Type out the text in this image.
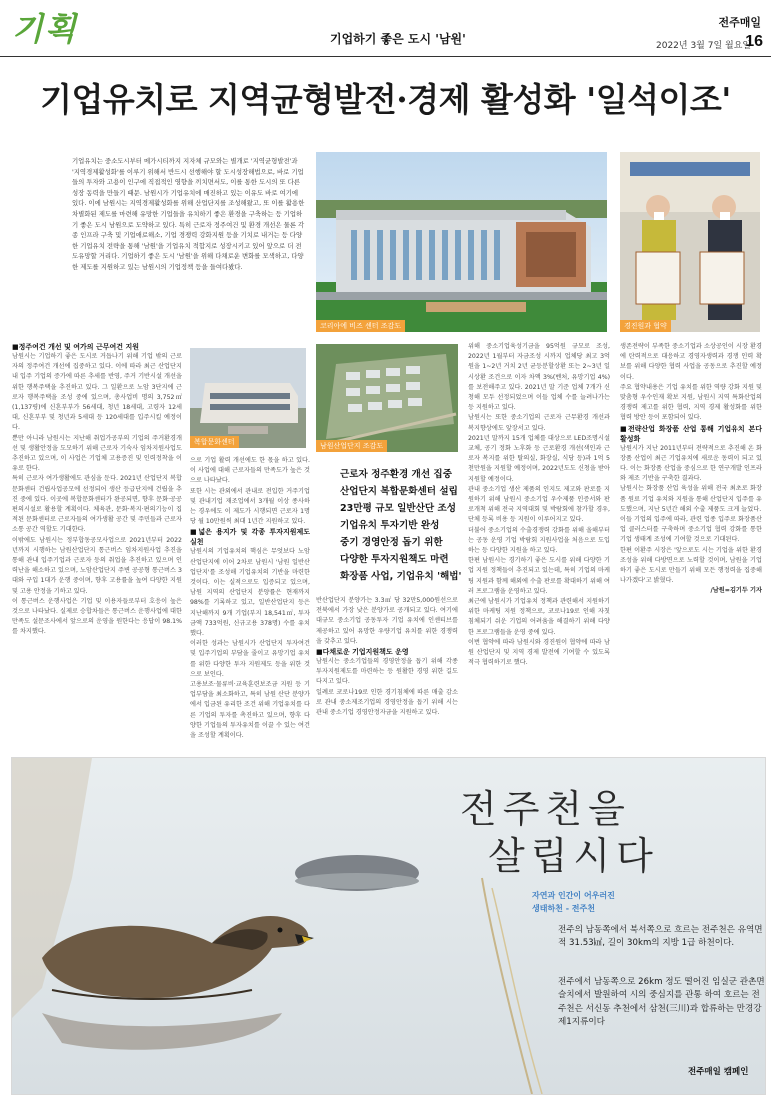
기획	기업하기 좋은 도시 '남원'
전주매일
2022년 3월 7일 월요일
16
기업유치로 지역균형발전·경제 활성화 '일석이조'
기업유치는 중소도시부터 메가시티까지 지자체 규모와는 별개로 '지역균형발전'과 '지역경제활성화'를 이루기 위해서 반드시 선행해야 할 도시성장해법으로, 바로 기업들의 투자와 고용이 인구에 직접적인 영향을 끼치면서도, 이를 통한 도시의 또 다른 성장 동력을 만들기 때문. 남원시가 기업유치에 매진하고 있는 이유도 바로 여기에 있다. 이에 남원시는 지역경제활성화를 위해 산업단지를 조성해왔고, 또 이를 활용한 차별화된 제도를 마련해 유망한 기업들을 유치하기 좋은 환경을 구축하는 등 기업하기 좋은 도시 남원으로 도약하고 있다. 특히 근로자 정주여건 및 환경 개선은 물론 각종 인프라 구축 및 기업애로해소, 기업 경쟁력 강화지원 등을 기치로 내거는 등 다양한 기업유치 전략을 통해 '남원'을 기업유치 적합지로 성장시키고 있어 앞으로 더 전도유망할 거리다. 기업하기 좋은 도시 '남원'을 위해 다채로운 변화를 모색하고, 다양한 제도를 지원하고 있는 남원시의 기업정책 등을 들여다봤다.
코리아에 비즈 센터 조감도	경진원과 협약
복합문화센터	남원산업단지 조감도
■정주여건 개선 및 여가의 근무여건 지원

남원시는 기업하기 좋은 도시로 거듭나기 위해 기업 밖의 근로자의 정주여건 개선에 집중하고 있다. 이에 따라 최근 산업단지 내 입주 기업의 증가에 따른 추세를 반영, 주거 기반시설 개선을 위한 행복주택을 추진하고 있다. 그 일환으로 노암 3단지에 근로자 행복주택을 조성 중에 있으며, 총사업비 명의 3,752㎡(1,137평)에 신혼부부가 56세대, 청년 18세대, 고령자 12세대, 신혼부부 및 청년과 5세대 등 120세대를 입주시킬 예정이다.

뿐만 아니라 남원시는 지난해 취업가공부의 기업의 주거환경개선 및 생활안정을 도모하기 위해 근로자 기숙사 임차지원사업도 추진하고 있으며, 이 사업은 기업체 고용증진 및 인력정착을 이유로 한다.

특히 근로자 여가생활에도 관심을 둔다. 2021년 산업단지 복합문화센터 건립사업공모에 선정되어 생산 등급단지에 건립을 추진 중에 있다. 이곳에 복합문화센터가 완공되면, 향후 문화·공공편의시설로 활용할 계획이다. 체육관, 문화·복지·편의기능이 집적된 문화센터로 근로자들의 여가생활 공간 및 주민들과 근로자 소통 공간 역할도 기대한다.

이밖에도 남원시는 정부합동공모사업으로 2021년부터 2022년까지 시행하는 남원산업단지 통근버스 임차지원사업 추진을 통해 관내 입주기업과 근로자 등의 취업을 추진하고 있으며 인력난을 해소하고 있으며, 노암산업단지 주변 공공형 통근버스 3대와 구입 1대가 운행 중이며, 향후 고용률을 높여 다양한 지원 및 고용 안정을 기하고 있다.

이 통근버스 운행사업은 기업 및 이용자들로부터 호응이 높은 것으로 나타났다. 실제로 승합차들은 통근버스 운행사업에 대한 만족도 설문조사에서 앞으로의 운영을 원한다는 응답이 98.1%를 차지했다.

으로 기업 활력 개선에도 한 몫을 하고 있다. 이 사업에 대해 근로자들의 만족도가 높은 것으로 나타났다.

또한 시는 관외에서 관내로 전입한 거주기업 및 관내기업 재조업에서 3개월 이상 종사하는 경우에도 이 제도가 시행되면 근로자 1명 당 월 10만원씩 최대 1년간 지원하고 있다.

■넓은 용지가 및 각종 투자지원제도 실천

남원시의 기업유치의 핵심은 무엇보다 노암산업단지에 이어 2차로 남원시 '남원 일반산업단지'를 조성해 기업유치의 기반을 마련한 것이다. 이는 실적으로도 입증되고 있으며, 남원 지역의 산업단지 분양률은 현재까지 98%를 기록하고 있고, 일반산업단지 등은 지난해까지 9개 기업(부지 18,541㎡, 투자금액 733억원, 신규고용 378명) 수를 유치했다.

이러한 성과는 남원시가 산업단지 투자여건 및 입주기업의 부담을 줄이고 유망기업 유치를 위한 다양한 투자 지원제도 등을 위한 것으로 보인다.

고용보조·물류비·교육훈련보조금 지원 등 기업부담을 최소화하고, 특히 남원 산단 분양가에서 입금된 유리한 조건 위해 기업유치를 다른 기업의 투자를 촉진하고 있으며, 향후 다양한 기업들의 투자유치를 이끌 수 있는 여건을 조성할 계획이다.

근로자 정주환경 개선 집중
산업단지 복합문화센터 설립
23만평 규모 일반산단 조성
기업유치 투자기반 완성
중기 경영안정 돕기 위한
다양한 투자지원책도 마련
화장품 사업, 기업유치 '해법'

반산업단지 분양가는 3.3㎡ 당 32만5,000원선으로 전북에서 가장 낮은 분양가로 공개되고 있다. 여기에 대규모 중소기업 공동투자 기업 유치에 인센티브를 제공하고 있어 유망한 우량기업 유치를 위한 경쟁력을 갖추고 있다.

■다채로운 기업지원책도 운영

남원시는 중소기업들의 경영안정을 돕기 위해 각종 투자지원제도를 마련하는 등 원활한 경영 위한 길도 다지고 있다.

일례로 코로나19로 인한 경기침체에 따른 매출 감소로 관내 중소제조기업의 경영안정을 돕기 위해 시는 관내 중소기업 경영안정자금을 지원하고 있다.

위해 중소기업육성기금을 95억원 규모로 조성, 2022년 1월부터 자금조성 시까지 업체당 최고 3억원을 1~2년 거치 2년 균등분할상환 또는 2~3년 일시상환 조건으로 이자 차액 3%(벤처, 유망기업 4%)를 보전해주고 있다. 2021년 말 기준 업체 7개가 신청해 모두 선정되었으며 이들 업체 수를 늘려나가는 등 지원하고 있다.

남원시는 또한 중소기업의 근로자 근무환경 개선과 복지향상에도 앞장서고 있다.

2021년 말까지 15개 업체를 대상으로 LED조명시설 교체, 공기 정화 노후화 등 근로환경 개선(색인과 근로자 복지를 위한 탈의실, 화장실, 식당 등)과 1억 5천만원을 지원할 예정이며, 2022년도도 신청을 받아 지원할 예정이다.

관내 중소기업 생산 제품의 인지도 제고와 판로를 지원하기 위해 남원시 중소기업 우수제품 인증서와 판로개척 위해 전국 지역대회 및 박람회에 참가할 경우, 단체 등록 비용 등 지원이 이루어지고 있다.

더불어 중소기업의 수출경쟁력 강화를 위해 올해부터는 공동 운영 기업 박람회 지원사업을 처음으로 도입하는 등 다양한 지원을 하고 있다.

한편 남원시는 경기하기 좋은 도시를 위해 다양한 기업 지원 정책들이 추진되고 있는데, 특히 기업의 마케팅 지원과 함께 해외에 수출 판로를 확대하기 위해 여러 프로그램을 운영하고 있다.

최근에 남원시가 기업유치 정책과 관련해서 지원하기 위한 마케팅 지원 정책으로, 코로나19로 인해 자칫 침체되기 쉬운 기업의 어려움을 해결하기 위해 다양한 프로그램들을 운영 중에 있다.

이번 협약에 따라 남원시와 경진원이 협약에 따라 남원 산업단지 및 지역 경제 발전에 기여할 수 있도록 적극 협력하기로 했다.

생존전략이 부족한 중소기업과 소상공인이 시장 환경에 탄력적으로 대응하고 경영자생력과 경쟁 인력 확보를 위해 다양한 협력 사업을 공동으로 추진할 예정이다.

주요 협약내용은 기업 유치를 위한 역량 강화 지원 및 맞춤형 우수인재 확보 지원, 남원시 지역 특화산업의 경쟁력 제고를 위한 협력, 지역 경제 활성화를 위한 협력 방안 등이 포함되어 있다.

■전략산업 화장품 산업 통해 기업유치 본다 활성화

남원시가 지난 2011년부터 전략적으로 추진해 온 화장품 산업이 최근 기업유치에 새로운 동력이 되고 있다. 이는 화장품 산업을 중심으로 한 연구개발 인프라와 제조 기반을 구축한 결과다.

남원시는 화장품 산업 육성을 위해 전국 최초로 화장품 원료 기업 유치와 지원을 통해 산업단지 입주를 유도했으며, 지난 5년간 해외 수출 제품도 크게 늘었다.

이들 기업의 입주에 따라, 관련 업종 입주로 화장품산업 클러스터를 구축하며 중소기업 협력 강화를 통한 기업 생태계 조성에 기여할 것으로 기대된다.

한편 이환주 시장은 '앞으로도 시는 기업을 위한 환경 조성을 위해 다방면으로 노력할 것이며, 남원을 기업하기 좋은 도시로 만들기 위해 모든 행정력을 집중해 나가겠다'고 밝혔다.

/남원=김기두 기자

전주천을
살립시다
자연과 인간이 어우러진
생태하천 - 전주천
전주의 남동쪽에서 북서쪽으로 흐르는 전주천은 유역면적 31.53㎢, 길이 30km의 지방 1급 하천이다.
전주에서 남동쪽으로 26km 정도 떨어진 임실군 관촌면 슬치에서 발원하여 시의 중심지를 관통 하여 호르는 전주천은 서신동 추천에서 삼천(三川)과 합류하는 만경강 제1지류이다
전주매일 캠페인
